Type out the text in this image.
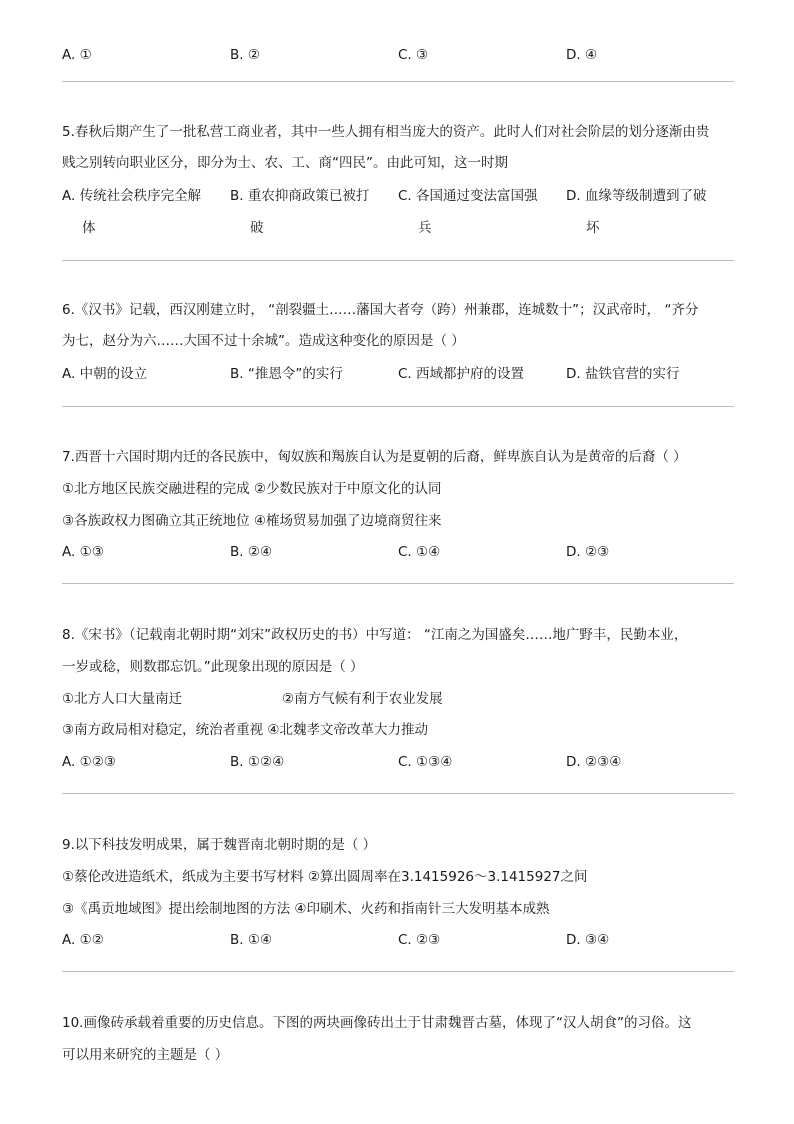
A. ①	B. ②	C. ③	D. ④
5.春秋后期产生了一批私营工商业者，其中一些人拥有相当庞大的资产。此时人们对社会阶层的划分逐渐由贵
贱之别转向职业区分，即分为士、农、工、商“四民”。由此可知，这一时期
A. 传统社会秩序完全解
体
B. 重农抑商政策已被打
破
C. 各国通过变法富国强
兵
D. 血缘等级制遭到了破
坏
6.《汉书》记载，西汉刚建立时， “剖裂疆土……藩国大者夸（跨）州兼郡，连城数十”；汉武帝时， “齐分
为七，赵分为六……大国不过十余城”。造成这种变化的原因是（ ）
A. 中朝的设立	B. “推恩令”的实行	C. 西域都护府的设置	D. 盐铁官营的实行
7.西晋十六国时期内迁的各民族中，匈奴族和羯族自认为是夏朝的后裔，鲜卑族自认为是黄帝的后裔（ ）
①北方地区民族交融进程的完成 ②少数民族对于中原文化的认同
③各族政权力图确立其正统地位 ④榷场贸易加强了边境商贸往来
A. ①③	B. ②④	C. ①④	D. ②③
8.《宋书》（记载南北朝时期“刘宋”政权历史的书）中写道： “江南之为国盛矣……地广野丰，民勤本业，
一岁或稔，则数郡忘饥。”此现象出现的原因是（ ）
①北方人口大量南迁	②南方气候有利于农业发展
③南方政局相对稳定，统治者重视 ④北魏孝文帝改革大力推动
A. ①②③	B. ①②④	C. ①③④	D. ②③④
9.以下科技发明成果，属于魏晋南北朝时期的是（ ）
①蔡伦改进造纸术，纸成为主要书写材料 ②算出圆周率在3.1415926～3.1415927之间
③《禹贡地域图》提出绘制地图的方法 ④印刷术、火药和指南针三大发明基本成熟
A. ①②	B. ①④	C. ②③	D. ③④
10.画像砖承载着重要的历史信息。下图的两块画像砖出土于甘肃魏晋古墓，体现了“汉人胡食”的习俗。这
可以用来研究的主题是（ ）
